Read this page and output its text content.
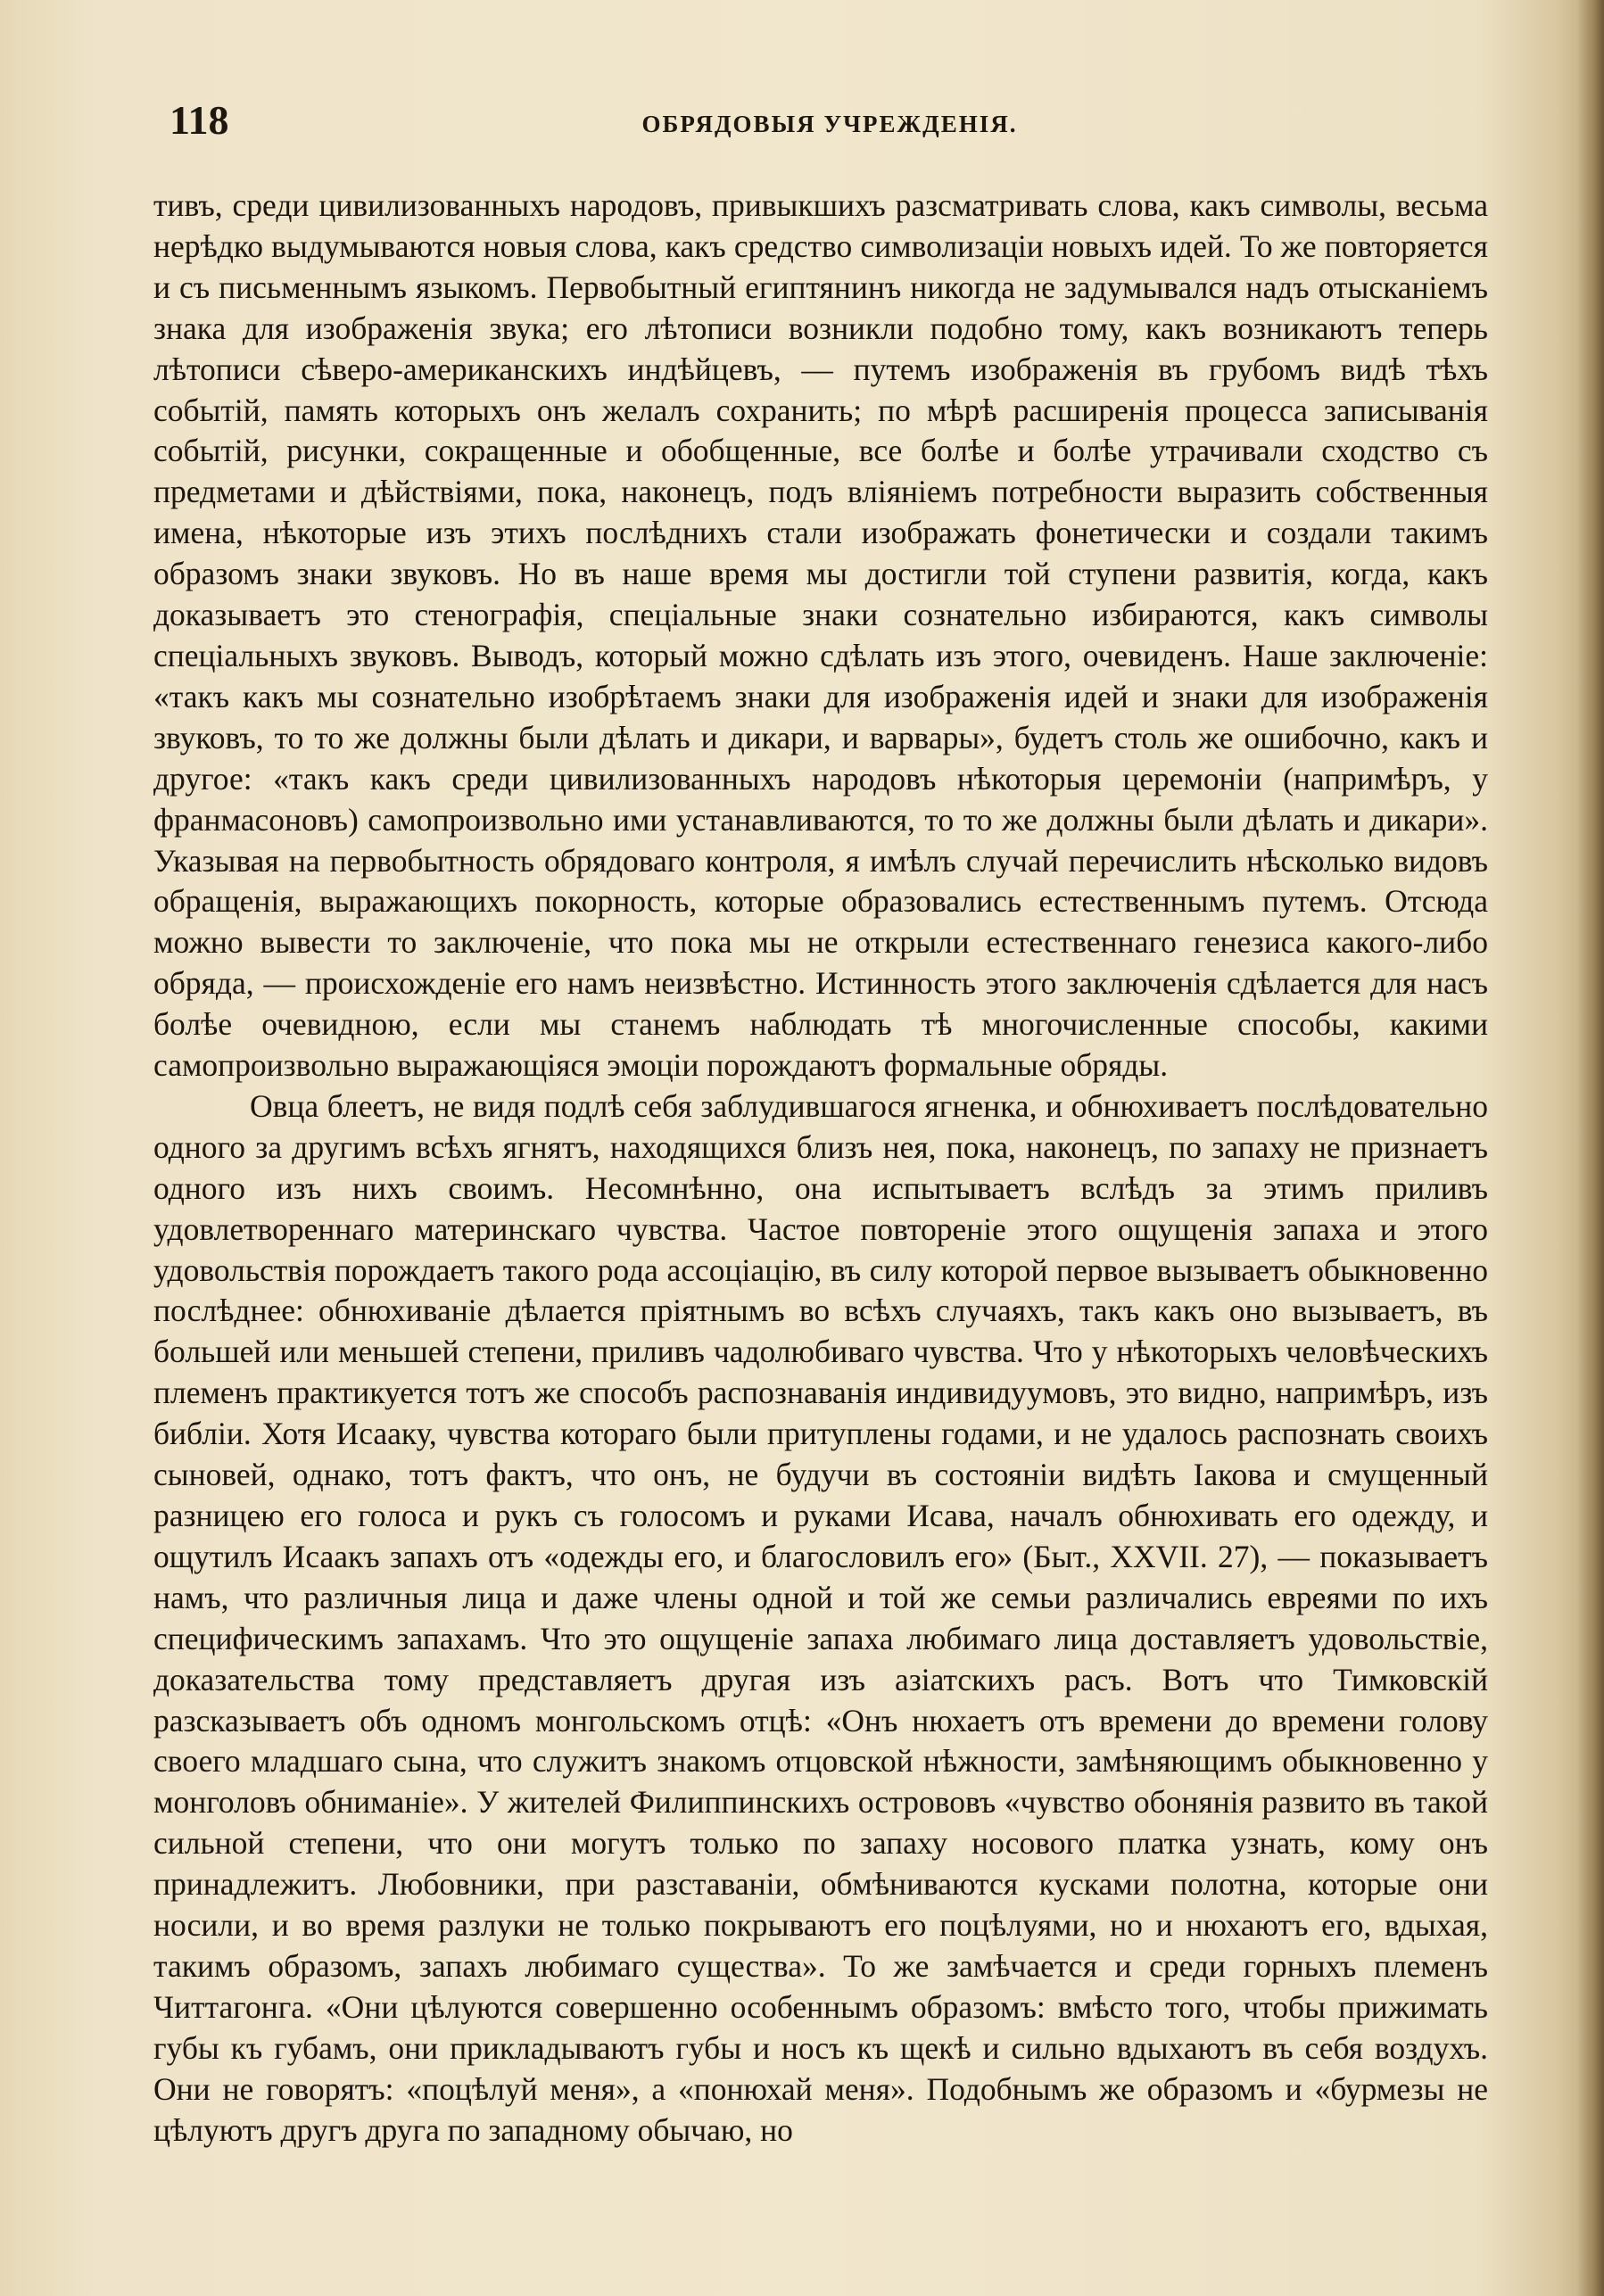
118	ОБРЯДОВЫЯ УЧРЕЖДЕНІЯ.

тивъ, среди цивилизованныхъ народовъ, привыкшихъ разсматривать слова, какъ символы, весьма нерѣдко выдумываются новыя слова, какъ средство символизаціи новыхъ идей. То же повторяется и съ письменнымъ языкомъ. Первобытный египтянинъ никогда не задумывался надъ отысканіемъ знака для изображенія звука; его лѣтописи возникли подобно тому, какъ возникаютъ теперь лѣтописи сѣверо-американскихъ индѣйцевъ, — путемъ изображенія въ грубомъ видѣ тѣхъ событій, память которыхъ онъ желалъ сохранить; по мѣрѣ расширенія процесса записыванія событій, рисунки, сокращенные и обобщенные, все болѣе и болѣе утрачивали сходство съ предметами и дѣйствіями, пока, наконецъ, подъ вліяніемъ потребности выразить собственныя имена, нѣкоторые изъ этихъ послѣднихъ стали изображать фонетически и создали такимъ образомъ знаки звуковъ. Но въ наше время мы достигли той ступени развитія, когда, какъ доказываетъ это стенографія, спеціальные знаки сознательно избираются, какъ символы спеціальныхъ звуковъ. Выводъ, который можно сдѣлать изъ этого, очевиденъ. Наше заключеніе: «такъ какъ мы сознательно изобрѣтаемъ знаки для изображенія идей и знаки для изображенія звуковъ, то то же должны были дѣлать и дикари, и варвары», будетъ столь же ошибочно, какъ и другое: «такъ какъ среди цивилизованныхъ народовъ нѣкоторыя церемоніи (напримѣръ, у франмасоновъ) самопроизвольно ими устанавливаются, то то же должны были дѣлать и дикари». Указывая на первобытность обрядоваго контроля, я имѣлъ случай перечислить нѣсколько видовъ обращенія, выражающихъ покорность, которые образовались естественнымъ путемъ. Отсюда можно вывести то заключеніе, что пока мы не открыли естественнаго генезиса какого-либо обряда, — происхожденіе его намъ неизвѣстно. Истинность этого заключенія сдѣлается для насъ болѣе очевидною, если мы станемъ наблюдать тѣ многочисленные способы, какими самопроизвольно выражающіяся эмоціи порождаютъ формальные обряды.

Овца блеетъ, не видя подлѣ себя заблудившагося ягненка, и обнюхиваетъ послѣдовательно одного за другимъ всѣхъ ягнятъ, находящихся близъ нея, пока, наконецъ, по запаху не признаетъ одного изъ нихъ своимъ. Несомнѣнно, она испытываетъ вслѣдъ за этимъ приливъ удовлетвореннаго материнскаго чувства. Частое повтореніе этого ощущенія запаха и этого удовольствія порождаетъ такого рода ассоціацію, въ силу которой первое вызываетъ обыкновенно послѣднее: обнюхиваніе дѣлается пріятнымъ во всѣхъ случаяхъ, такъ какъ оно вызываетъ, въ большей или меньшей степени, приливъ чадолюбиваго чувства. Что у нѣкоторыхъ человѣческихъ племенъ практикуется тотъ же способъ распознаванія индивидуумовъ, это видно, напримѣръ, изъ библіи. Хотя Исааку, чувства котораго были притуплены годами, и не удалось распознать своихъ сыновей, однако, тотъ фактъ, что онъ, не будучи въ состояніи видѣть Іакова и смущенный разницею его голоса и рукъ съ голосомъ и руками Исава, началъ обнюхивать его одежду, и ощутилъ Исаакъ запахъ отъ «одежды его, и благословилъ его» (Быт., XXVII. 27), — показываетъ намъ, что различныя лица и даже члены одной и той же семьи различались евреями по ихъ специфическимъ запахамъ. Что это ощущеніе запаха любимаго лица доставляетъ удовольствіе, доказательства тому представляетъ другая изъ азіатскихъ расъ. Вотъ что Тимковскій разсказываетъ объ одномъ монгольскомъ отцѣ: «Онъ нюхаетъ отъ времени до времени голову своего младшаго сына, что служитъ знакомъ отцовской нѣжности, замѣняющимъ обыкновенно у монголовъ обниманіе». У жителей Филиппинскихъ острововъ «чувство обонянія развито въ такой сильной степени, что они могутъ только по запаху носового платка узнать, кому онъ принадлежитъ. Любовники, при разставаніи, обмѣниваются кусками полотна, которые они носили, и во время разлуки не только покрываютъ его поцѣлуями, но и нюхаютъ его, вдыхая, такимъ образомъ, запахъ любимаго существа». То же замѣчается и среди горныхъ племенъ Читтагонга. «Они цѣлуются совершенно особеннымъ образомъ: вмѣсто того, чтобы прижимать губы къ губамъ, они прикладываютъ губы и носъ къ щекѣ и сильно вдыхаютъ въ себя воздухъ. Они не говорятъ: «поцѣлуй меня», а «понюхай меня». Подобнымъ же образомъ и «бурмезы не цѣлуютъ другъ друга по западному обычаю, но
